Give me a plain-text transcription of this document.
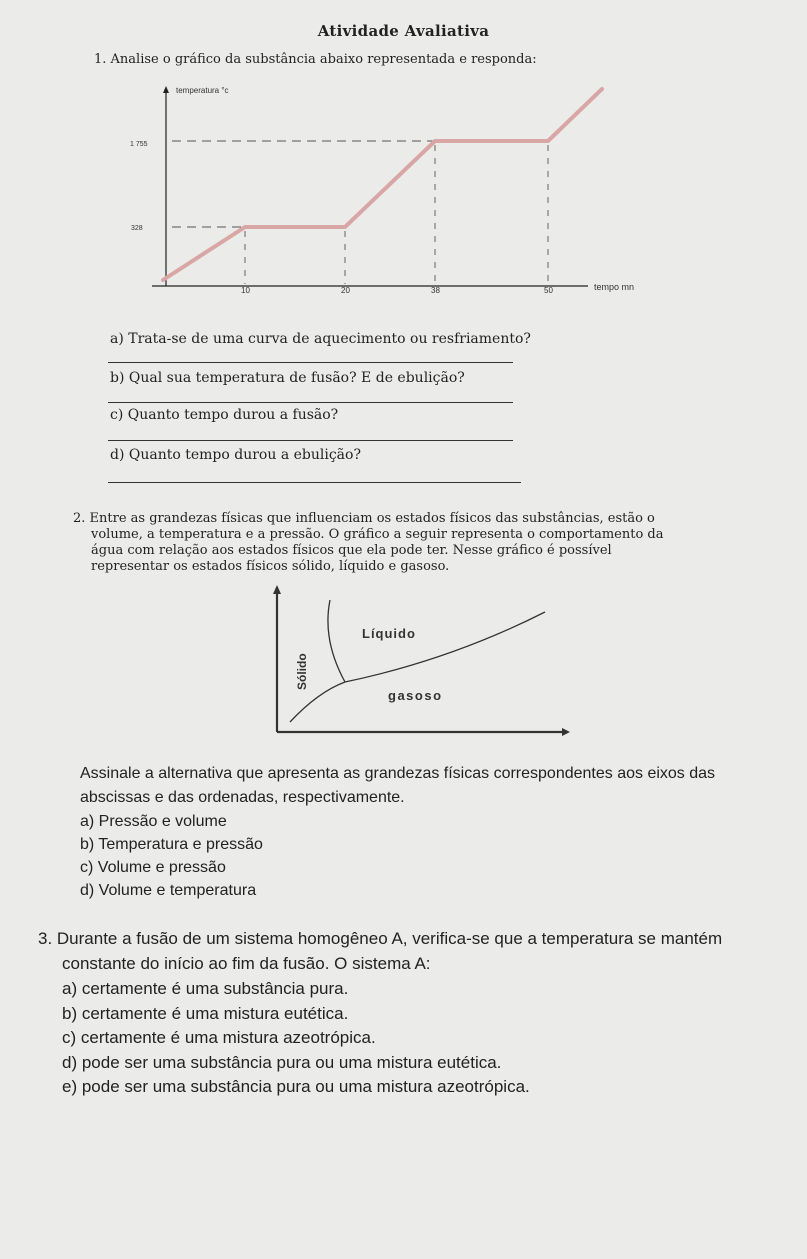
Atividade Avaliativa
1. Analise o gráfico da substância abaixo representada e responda:
temperatura °c
tempo mn
1 755
328
10	20	38	50
a) Trata-se de uma curva de aquecimento ou resfriamento?
b) Qual sua temperatura de fusão? E de ebulição?
c) Quanto tempo durou a fusão?
d) Quanto tempo durou a ebulição?
2. Entre as grandezas físicas que influenciam os estados físicos das substâncias, estão o
volume, a temperatura e a pressão. O gráfico a seguir representa o comportamento da
água com relação aos estados físicos que ela pode ter. Nesse gráfico é possível
representar os estados físicos sólido, líquido e gasoso.
Líquido
Sólido
gasoso
Assinale a alternativa que apresenta as grandezas físicas correspondentes aos eixos das
abscissas e das ordenadas, respectivamente.
a) Pressão e volume
b) Temperatura e pressão
c) Volume e pressão
d) Volume e temperatura
3. Durante a fusão de um sistema homogêneo A, verifica-se que a temperatura se mantém
constante do início ao fim da fusão. O sistema A:
a) certamente é uma substância pura.
b) certamente é uma mistura eutética.
c) certamente é uma mistura azeotrópica.
d) pode ser uma substância pura ou uma mistura eutética.
e) pode ser uma substância pura ou uma mistura azeotrópica.
